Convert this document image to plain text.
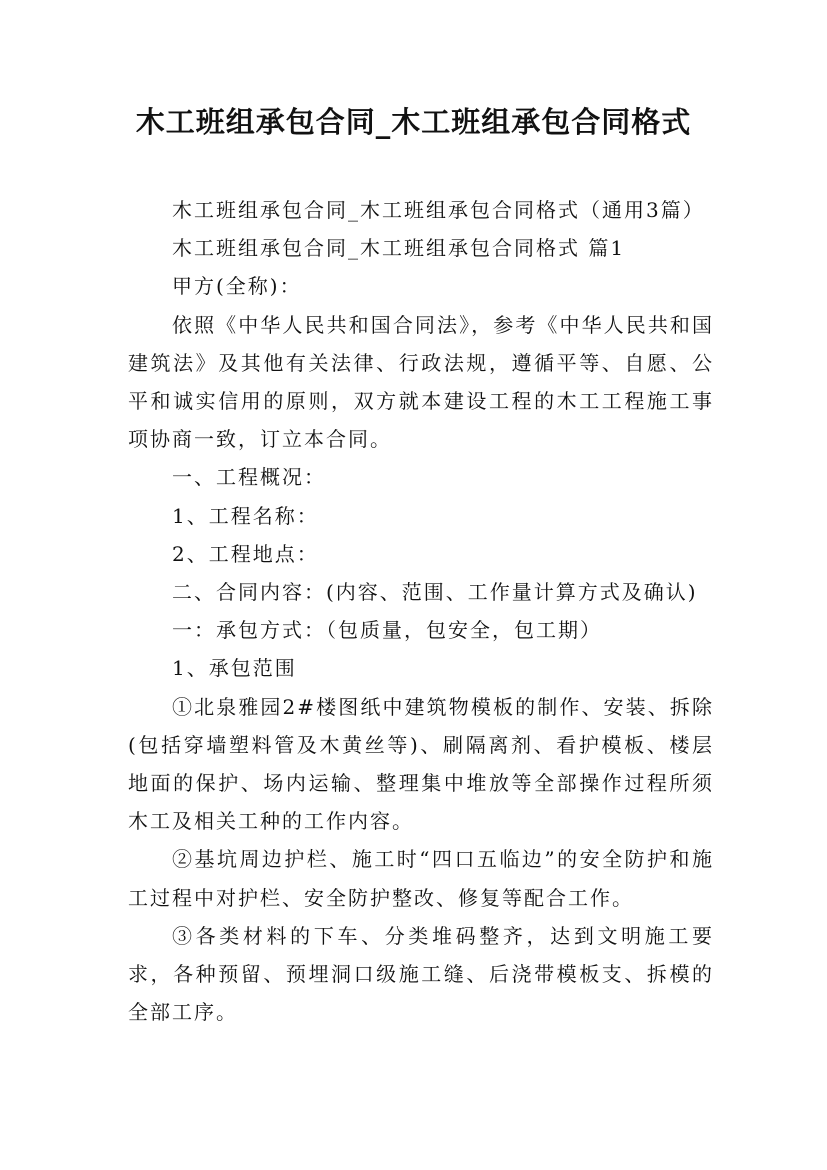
木工班组承包合同_木工班组承包合同格式

木工班组承包合同_木工班组承包合同格式（通用3篇）

木工班组承包合同_木工班组承包合同格式 篇1

甲方(全称)：

依照《中华人民共和国合同法》，参考《中华人民共和国建筑法》及其他有关法律、行政法规，遵循平等、自愿、公平和诚实信用的原则，双方就本建设工程的木工工程施工事项协商一致，订立本合同。

一、工程概况：

1、工程名称：

2、工程地点：

二、合同内容：(内容、范围、工作量计算方式及确认)

一：承包方式：（包质量，包安全，包工期）

1、承包范围

①北泉雅园2#楼图纸中建筑物模板的制作、安装、拆除(包括穿墙塑料管及木黄丝等)、刷隔离剂、看护模板、楼层地面的保护、场内运输、整理集中堆放等全部操作过程所须木工及相关工种的工作内容。

②基坑周边护栏、施工时“四口五临边”的安全防护和施工过程中对护栏、安全防护整改、修复等配合工作。

③各类材料的下车、分类堆码整齐，达到文明施工要求，各种预留、预埋洞口级施工缝、后浇带模板支、拆模的全部工序。
